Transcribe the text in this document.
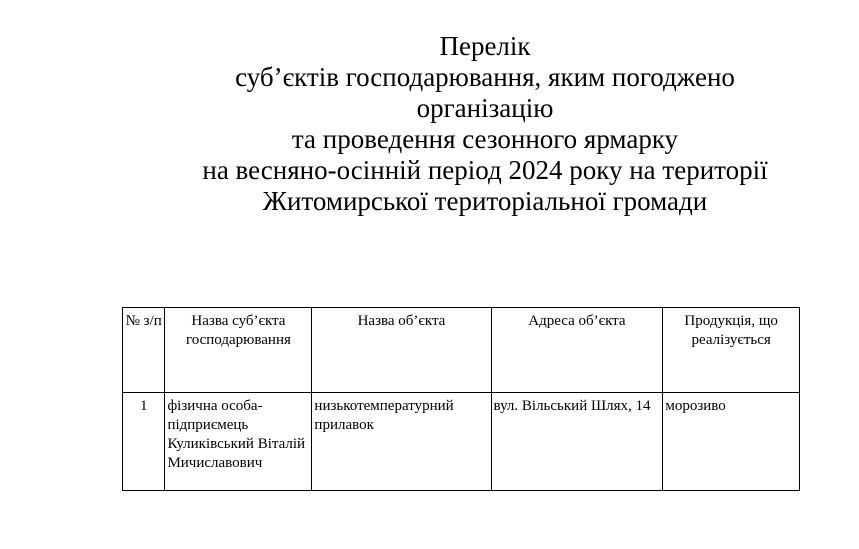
Перелік
суб’єктів господарювання, яким погоджено
організацію
та проведення сезонного ярмарку
на весняно-осінній період 2024 року на території
Житомирської територіальної громади
№ з/п	Назва суб’єкта господарювання	Назва об’єкта	Адреса об’єкта	Продукція, що реалізується
1	фізична особа-підприємець Куликівський Віталій Мичиславович	низькотемпературний прилавок	вул. Вільський Шлях, 14	морозиво
